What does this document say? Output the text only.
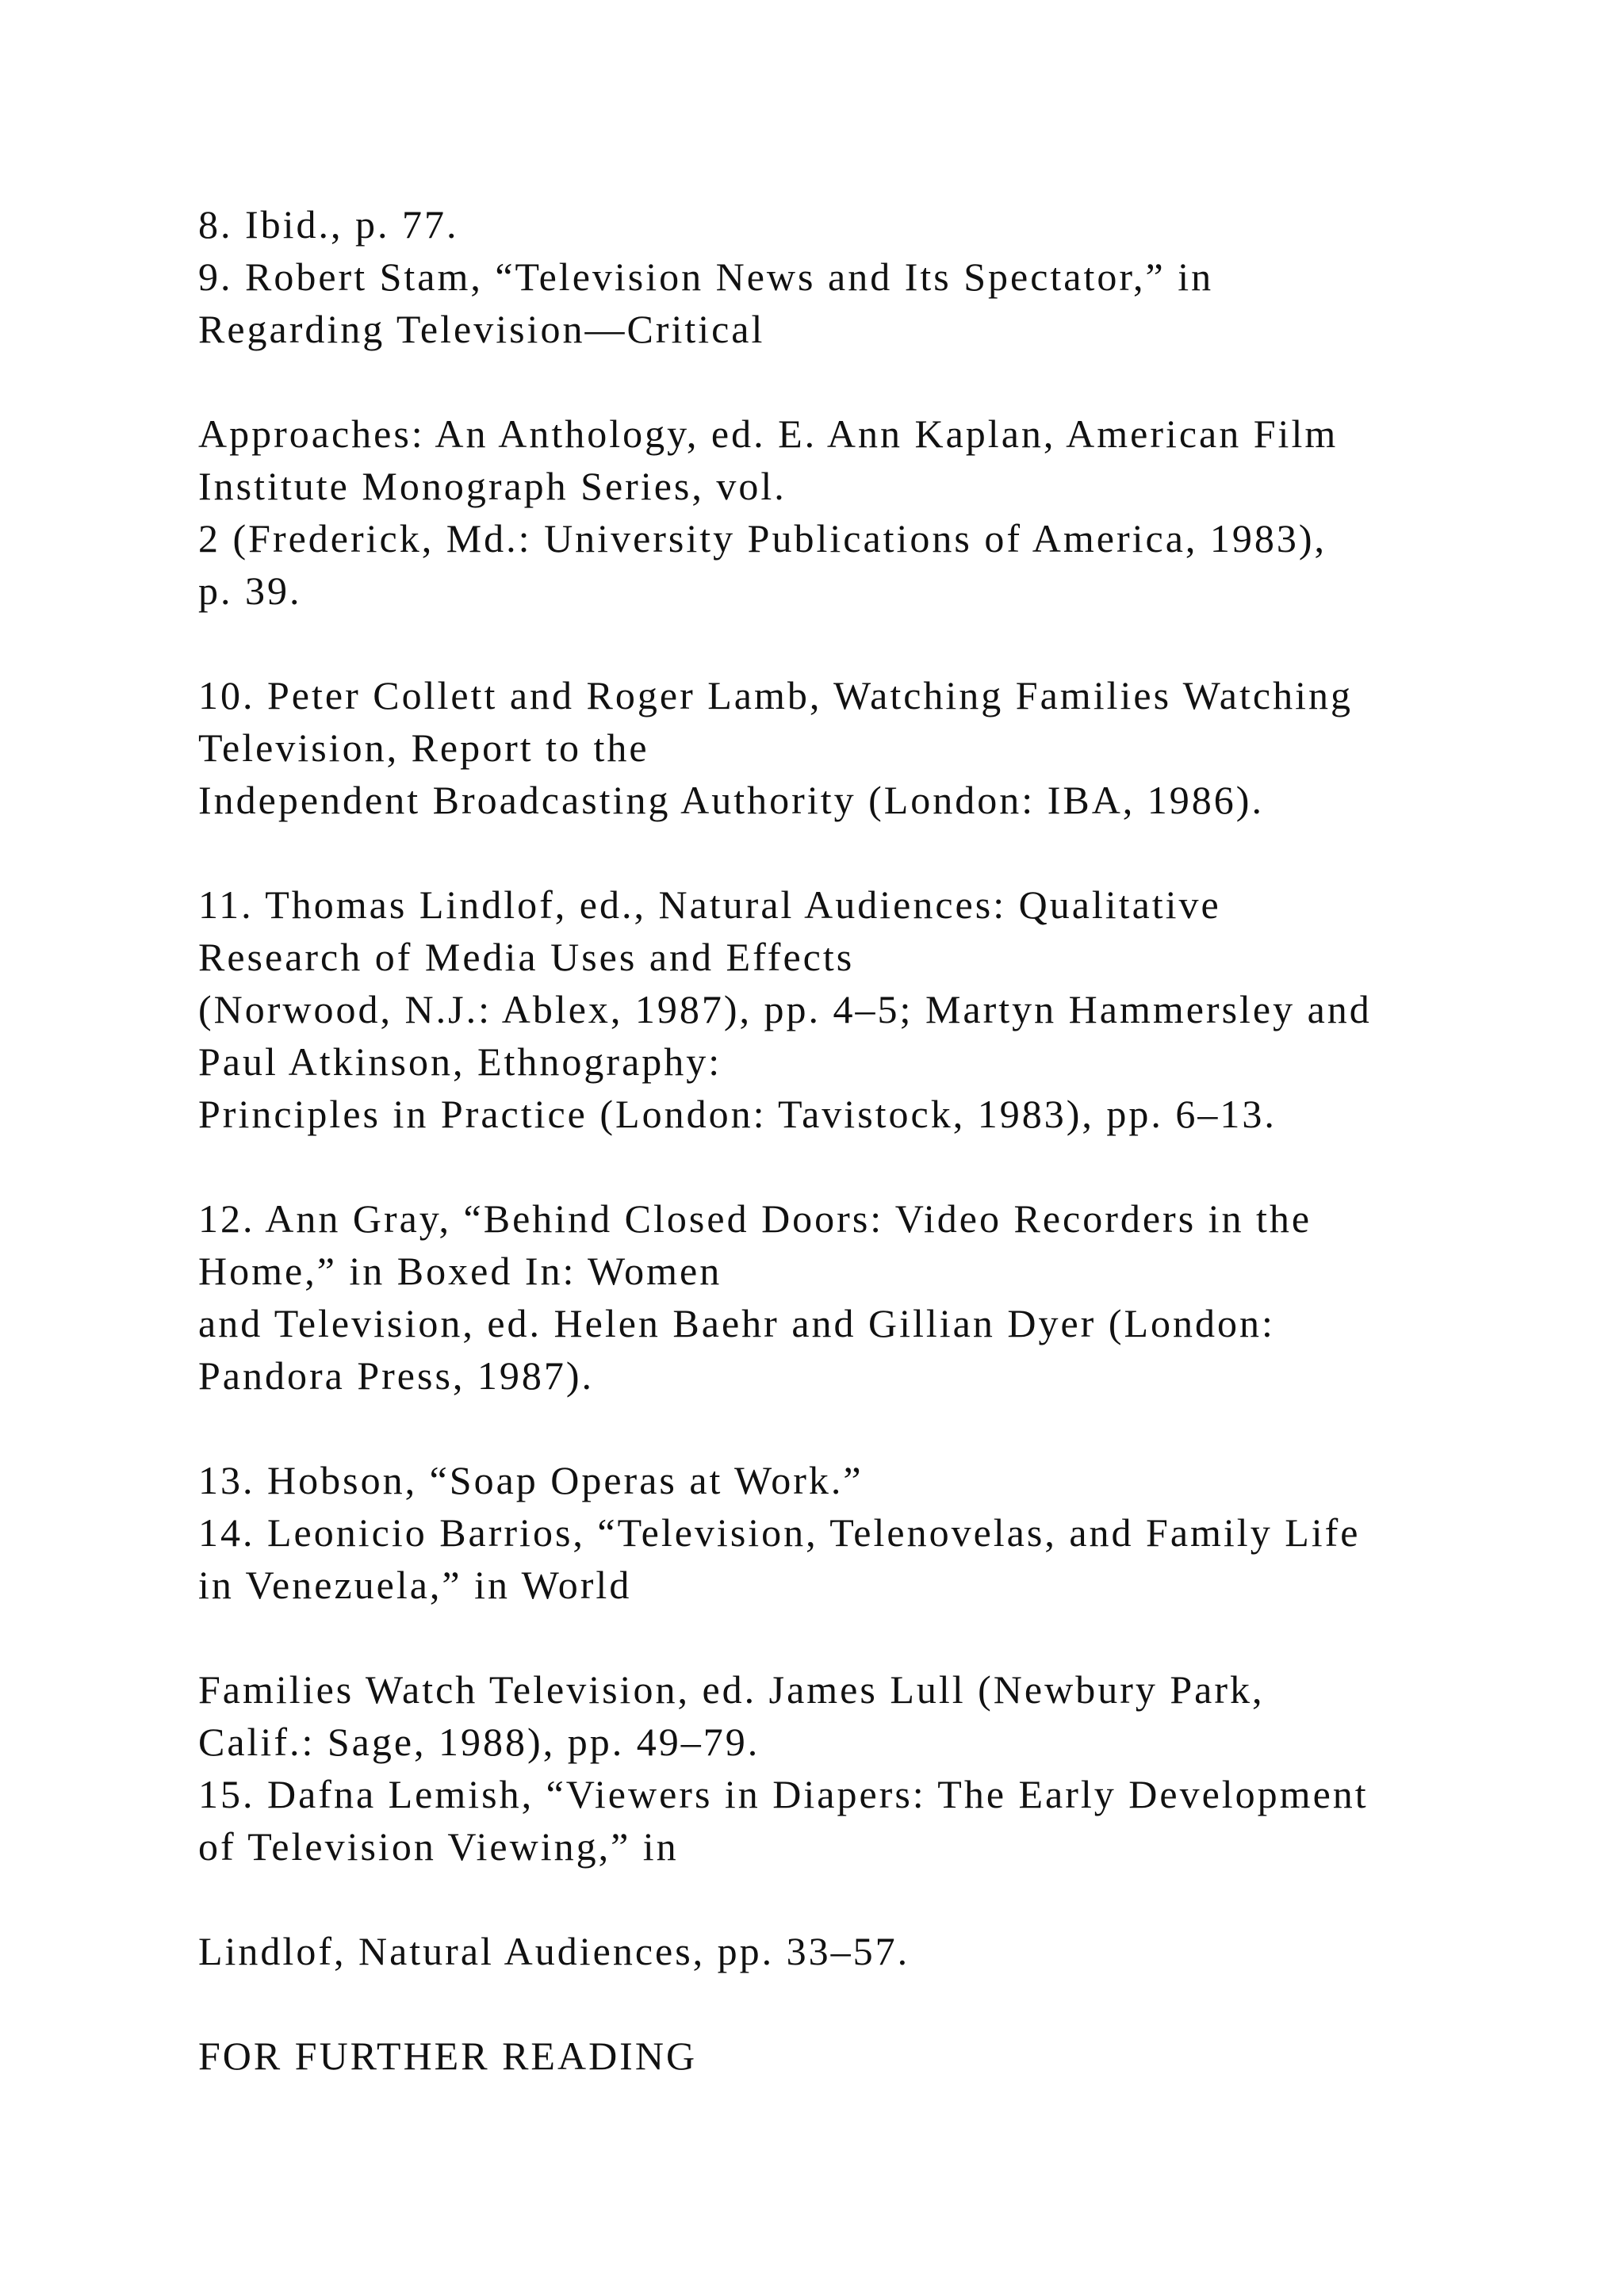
8. Ibid., p. 77.
9. Robert Stam, “Television News and Its Spectator,” in
Regarding Television—Critical
Approaches: An Anthology, ed. E. Ann Kaplan, American Film
Institute Monograph Series, vol.
2 (Frederick, Md.: University Publications of America, 1983),
p. 39.
10. Peter Collett and Roger Lamb, Watching Families Watching
Television, Report to the
Independent Broadcasting Authority (London: IBA, 1986).
11. Thomas Lindlof, ed., Natural Audiences: Qualitative
Research of Media Uses and Effects
(Norwood, N.J.: Ablex, 1987), pp. 4–5; Martyn Hammersley and
Paul Atkinson, Ethnography:
Principles in Practice (London: Tavistock, 1983), pp. 6–13.
12. Ann Gray, “Behind Closed Doors: Video Recorders in the
Home,” in Boxed In: Women
and Television, ed. Helen Baehr and Gillian Dyer (London:
Pandora Press, 1987).
13. Hobson, “Soap Operas at Work.”
14. Leonicio Barrios, “Television, Telenovelas, and Family Life
in Venezuela,” in World
Families Watch Television, ed. James Lull (Newbury Park,
Calif.: Sage, 1988), pp. 49–79.
15. Dafna Lemish, “Viewers in Diapers: The Early Development
of Television Viewing,” in
Lindlof, Natural Audiences, pp. 33–57.
FOR FURTHER READING
